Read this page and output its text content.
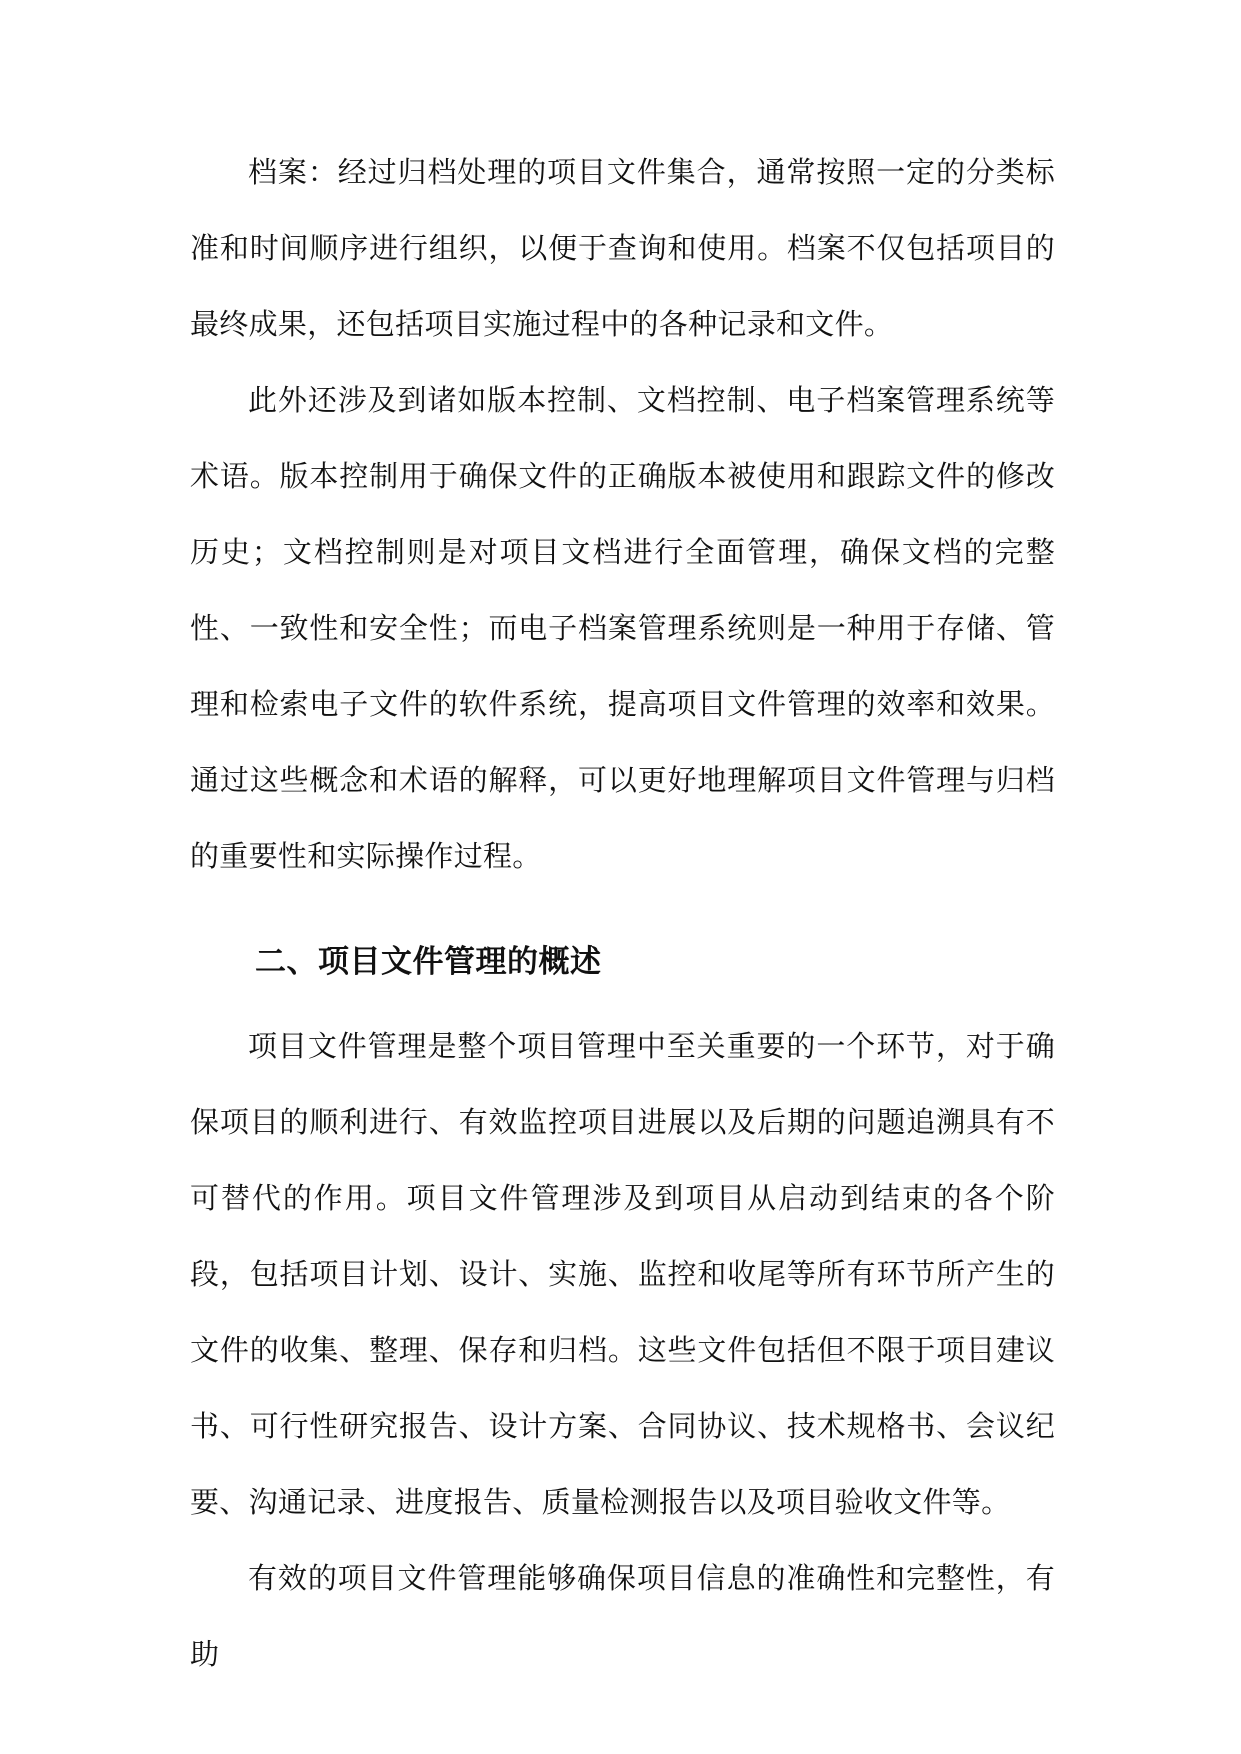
档案：经过归档处理的项目文件集合，通常按照一定的分类标准和时间顺序进行组织，以便于查询和使用。档案不仅包括项目的最终成果，还包括项目实施过程中的各种记录和文件。

此外还涉及到诸如版本控制、文档控制、电子档案管理系统等术语。版本控制用于确保文件的正确版本被使用和跟踪文件的修改历史；文档控制则是对项目文档进行全面管理，确保文档的完整性、一致性和安全性；而电子档案管理系统则是一种用于存储、管理和检索电子文件的软件系统，提高项目文件管理的效率和效果。通过这些概念和术语的解释，可以更好地理解项目文件管理与归档的重要性和实际操作过程。

二、项目文件管理的概述

项目文件管理是整个项目管理中至关重要的一个环节，对于确保项目的顺利进行、有效监控项目进展以及后期的问题追溯具有不可替代的作用。项目文件管理涉及到项目从启动到结束的各个阶段，包括项目计划、设计、实施、监控和收尾等所有环节所产生的文件的收集、整理、保存和归档。这些文件包括但不限于项目建议书、可行性研究报告、设计方案、合同协议、技术规格书、会议纪要、沟通记录、进度报告、质量检测报告以及项目验收文件等。

有效的项目文件管理能够确保项目信息的准确性和完整性，有助
